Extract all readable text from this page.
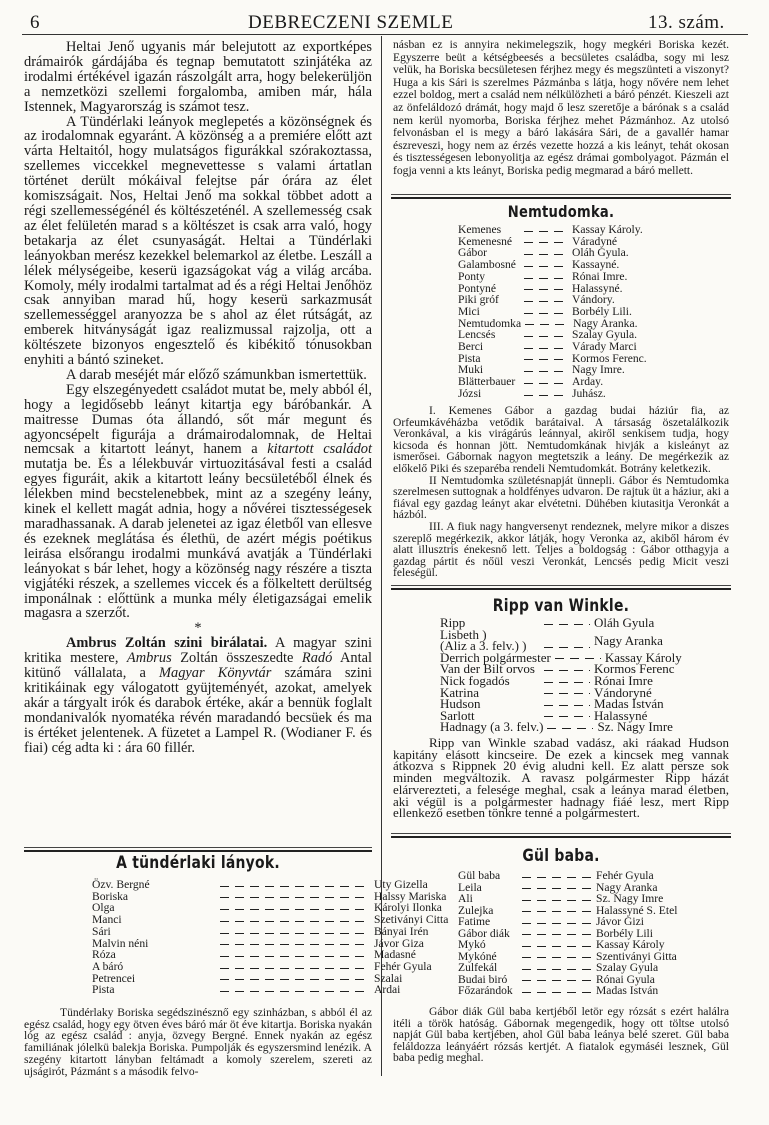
6	DEBRECZENI SZEMLE	13. szám.

Heltai Jenő ugyanis már belejutott az exportképes drámairók gárdájába és tegnap bemutatott szinjátéka az irodalmi értékével igazán rászolgált arra, hogy belekerüljön a nemzetközi szellemi forgalomba, amiben már, hála Istennek, Magyarország is számot tesz.

A Tündérlaki leányok meglepetés a közönségnek és az irodalomnak egyaránt. A közönség a a premiére előtt azt várta Heltaitól, hogy mulatságos figurákkal szórakoztassa, szellemes viccekkel megnevettesse s valami ártatlan történet derült mókáival felejtse pár órára az élet komiszságait. Nos, Heltai Jenő ma sokkal többet adott a régi szellemességénél és költészeténél. A szellemesség csak az élet felületén marad s a költészet is csak arra való, hogy betakarja az élet csunyaságát. Heltai a Tündérlaki leányokban merész kezekkel belemarkol az életbe. Leszáll a lélek mélységeibe, keserü igazságokat vág a világ arcába. Komoly, mély irodalmi tartalmat ad és a régi Heltai Jenőhöz csak annyiban marad hű, hogy keserü sarkazmusát szellemességgel aranyozza be s ahol az élet rútságát, az emberek hitványságát igaz realizmussal rajzolja, ott a költészete bizonyos engesztelő és kibékitő tónusokban enyhiti a bántó szineket.

A darab meséjét már előző számunkban ismertettük.

Egy elszegényedett családot mutat be, mely abból él, hogy a legidősebb leányt kitartja egy báróbankár. A maitresse Dumas óta állandó, sőt már megunt és agyoncsépelt figurája a drámairodalomnak, de Heltai nemcsak a kitartott leányt, hanem a kitartott családot mutatja be. És a lélekbuvár virtuozitásával festi a család egyes figuráit, akik a kitartott leány becsületéből élnek és lélekben mind becstelenebbek, mint az a szegény leány, kinek el kellett magát adnia, hogy a nővérei tisztességesek maradhassanak. A darab jelenetei az igaz életből van ellesve és ezeknek meglátása és élethü, de azért mégis poétikus leirása elsőrangu irodalmi munkává avatják a Tündérlaki leányokat s bár lehet, hogy a közönség nagy részére a tiszta vigjátéki részek, a szellemes viccek és a fölkeltett derültség imponálnak : előttünk a munka mély életigazságai emelik magasra a szerzőt.

*

Ambrus Zoltán szini birálatai. A magyar szini kritika mestere, Ambrus Zoltán összeszedte Radó Antal kitünő vállalata, a Magyar Könyvtár számára szini kritikáinak egy válogatott gyüjteményét, azokat, amelyek akár a tárgyalt irók és darabok értéke, akár a bennük foglalt mondanivalók nyomatéka révén maradandó becsüek és ma is értéket jelentenek. A füzetet a Lampel R. (Wodianer F. és fiai) cég adta ki : ára 60 fillér.

A tündérlaki lányok.
Özv. Bergné	Uty Gizella
Boriska	Halssy Mariska
Olga	Károlyi Ilonka
Manci	Szetiványi Citta
Sári	Bányai Irén
Malvin néni	Jávor Giza
Róza	Madasné
A báró	Fehér Gyula
Petrencei	Szalai
Pista	Ardai

Tündérlaky Boriska segédszinésznő egy szinházban, s abból él az egész család, hogy egy ötven éves báró már öt éve kitartja. Boriska nyakán lóg az egész család : anyja, özvegy Bergné. Ennek nyakán az egész familiának jólelkü balekja Boriska. Pumpolják és egyszersmind lenézik. A szegény kitartott lányban feltámadt a komoly szerelem, szereti az ujságirót, Pázmánt s a második felvo-

násban ez is annyira nekimelegszik, hogy megkéri Boriska kezét. Egyszerre beüt a kétségbeesés a becsületes családba, sogy mi lesz velük, ha Boriska becsületesen férjhez megy és megszünteti a viszonyt? Huga a kis Sári is szerelmes Pázmánba s látja, hogy nővére nem lehet ezzel boldog, mert a család nem nélkülözheti a báró pénzét. Kieszeli azt az önfeláldozó drámát, hogy majd ő lesz szeretője a bárónak s a család nem kerül nyomorba, Boriska férjhez mehet Pázmánhoz. Az utolsó felvonásban el is megy a báró lakására Sári, de a gavallér hamar észreveszi, hogy nem az érzés vezette hozzá a kis leányt, tehát okosan és tisztességesen lebonyolitja az egész drámai gombolyagot. Pázmán el fogja venni a kts leányt, Boriska pedig megmarad a báró mellett.

Nemtudomka.
Kemenes	Kassay Károly.
Kemenesné	Váradyné
Gábor	Oláh Gyula.
Galambosné	Kassayné.
Ponty	Rónai Imre.
Pontyné	Halassyné.
Piki gróf	Vándory.
Mici	Borbély Lili.
Nemtudomka	Nagy Aranka.
Lencsés	Szalay Gyula.
Berci	Várady Marci
Pista	Kormos Ferenc.
Muki	Nagy Imre.
Blätterbauer	Arday.
Józsi	Juhász.

I. Kemenes Gábor a gazdag budai háziúr fia, az Orfeumkávéházba vetődik barátaival. A társaság öszetalálkozik Veronkával, a kis virágárús leánnyal, akiről senkisem tudja, hogy kicsoda és honnan jött. Nemtudomkának hivják a kisleányt az ismerősei. Gábornak nagyon megtetszik a leány. De megérkezik az előkelő Piki és szeparéba rendeli Nemtudomkát. Botrány keletkezik.

II Nemtudomka születésnapját ünnepli. Gábor és Nemtudomka szerelmesen suttognak a holdfényes udvaron. De rajtuk üt a háziur, aki a fiával egy gazdag leányt akar elvétetni. Dühében kiutasitja Veronkát a házból.

III. A fiuk nagy hangversenyt rendeznek, melyre mikor a diszes szereplő megérkezik, akkor látják, hogy Veronka az, akiből három év alatt illusztris énekesnő lett. Teljes a boldogság : Gábor otthagyja a gazdag pártit és nőül veszi Veronkát, Lencsés pedig Micit veszi feleségül.

Ripp van Winkle.
Ripp	Oláh Gyula
Lisbeth )
(Aliz a 3. felv.) )	Nagy Aranka
Derrich polgármester	Kassay Károly
Van der Bilt orvos	Kormos Ferenc
Nick fogadós	Rónai Imre
Katrina	Vándoryné
Hudson	Madas István
Sarlott	Halassyné
Hadnagy (a 3. felv.)	Sz. Nagy Imre

Ripp van Winkle szabad vadász, aki ráakad Hudson kapitány elásott kincseire. De ezek a kincsek meg vannak átkozva s Rippnek 20 évig aludni kell. Ez alatt persze sok minden megváltozik. A ravasz polgármester Ripp házát elárverezteti, a felesége meghal, csak a leánya marad életben, aki végül is a polgármester hadnagy fiáé lesz, mert Ripp ellenkező esetben tönkre tenné a polgármestert.

Gül baba.
Gül baba	Fehér Gyula
Leila	Nagy Aranka
Ali	Sz. Nagy Imre
Zulejka	Halassyné S. Etel
Fatime	Jávor Gizi
Gábor diák	Borbély Lili
Mykó	Kassay Károly
Mykóné	Szentiványi Gitta
Zulfekál	Szalay Gyula
Budai biró	Rónai Gyula
Főzarándok	Madas István

Gábor diák Gül baba kertjéből letör egy rózsát s ezért halálra itéli a török hatóság. Gábornak megengedik, hogy ott töltse utolsó napját Gül baba kertjében, ahol Gül baba leánya belé szeret. Gül baba feláldozza leányáért rózsás kertjét. A fiatalok egymáséi lesznek, Gül baba pedig meghal.
